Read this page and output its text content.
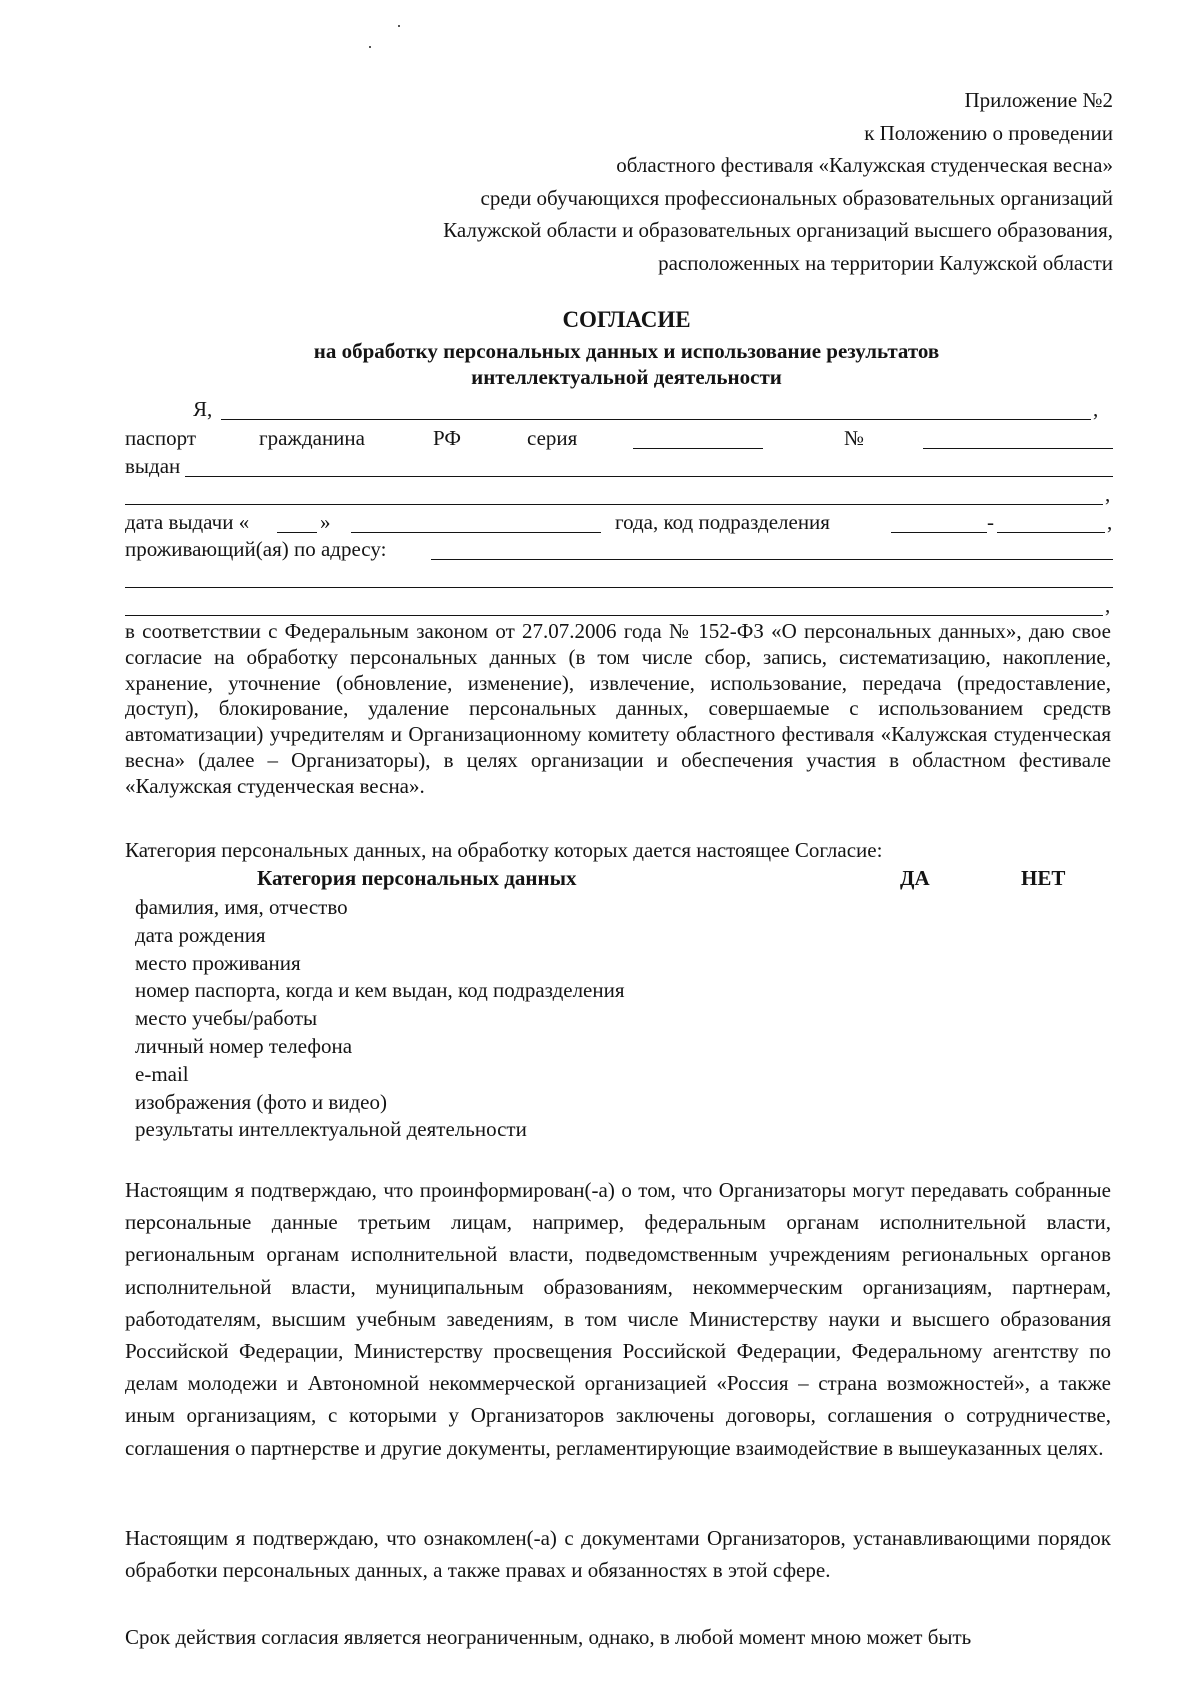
Приложение №2
к Положению о проведении
областного фестиваля «Калужская студенческая весна»
среди обучающихся профессиональных образовательных организаций
Калужской области и образовательных организаций высшего образования,
расположенных на территории Калужской области
СОГЛАСИЕ
на обработку персональных данных и использование результатов
интеллектуальной деятельности
Я,	,
паспорт	гражданина	РФ	серия	№
выдан
,
дата выдачи «	»	года, код подразделения	-	,
проживающий(ая) по адресу:
,
в соответствии с Федеральным законом от 27.07.2006 года № 152-ФЗ «О персональных данных», даю свое согласие на обработку персональных данных (в том числе сбор, запись, систематизацию, накопление, хранение, уточнение (обновление, изменение), извлечение, использование, передача (предоставление, доступ), блокирование, удаление персональных данных, совершаемые с использованием средств автоматизации) учредителям и Организационному комитету областного фестиваля «Калужская студенческая весна» (далее – Организаторы), в целях организации и обеспечения участия в областном фестивале «Калужская студенческая весна».
Категория персональных данных, на обработку которых дается настоящее Согласие:
Категория персональных данных	ДА	НЕТ
фамилия, имя, отчество
дата рождения
место проживания
номер паспорта, когда и кем выдан, код подразделения
место учебы/работы
личный номер телефона
e-mail
изображения (фото и видео)
результаты интеллектуальной деятельности
Настоящим я подтверждаю, что проинформирован(-а) о том, что Организаторы могут передавать собранные персональные данные третьим лицам, например, федеральным органам исполнительной власти, региональным органам исполнительной власти, подведомственным учреждениям региональных органов исполнительной власти, муниципальным образованиям, некоммерческим организациям, партнерам, работодателям, высшим учебным заведениям, в том числе Министерству науки и высшего образования Российской Федерации, Министерству просвещения Российской Федерации, Федеральному агентству по делам молодежи и Автономной некоммерческой организацией «Россия – страна возможностей», а также иным организациям, с которыми у Организаторов заключены договоры, соглашения о сотрудничестве, соглашения о партнерстве и другие документы, регламентирующие взаимодействие в вышеуказанных целях.
Настоящим я подтверждаю, что ознакомлен(-а) с документами Организаторов, устанавливающими порядок обработки персональных данных, а также правах и обязанностях в этой сфере.
Срок действия согласия является неограниченным, однако, в любой момент мною может быть
